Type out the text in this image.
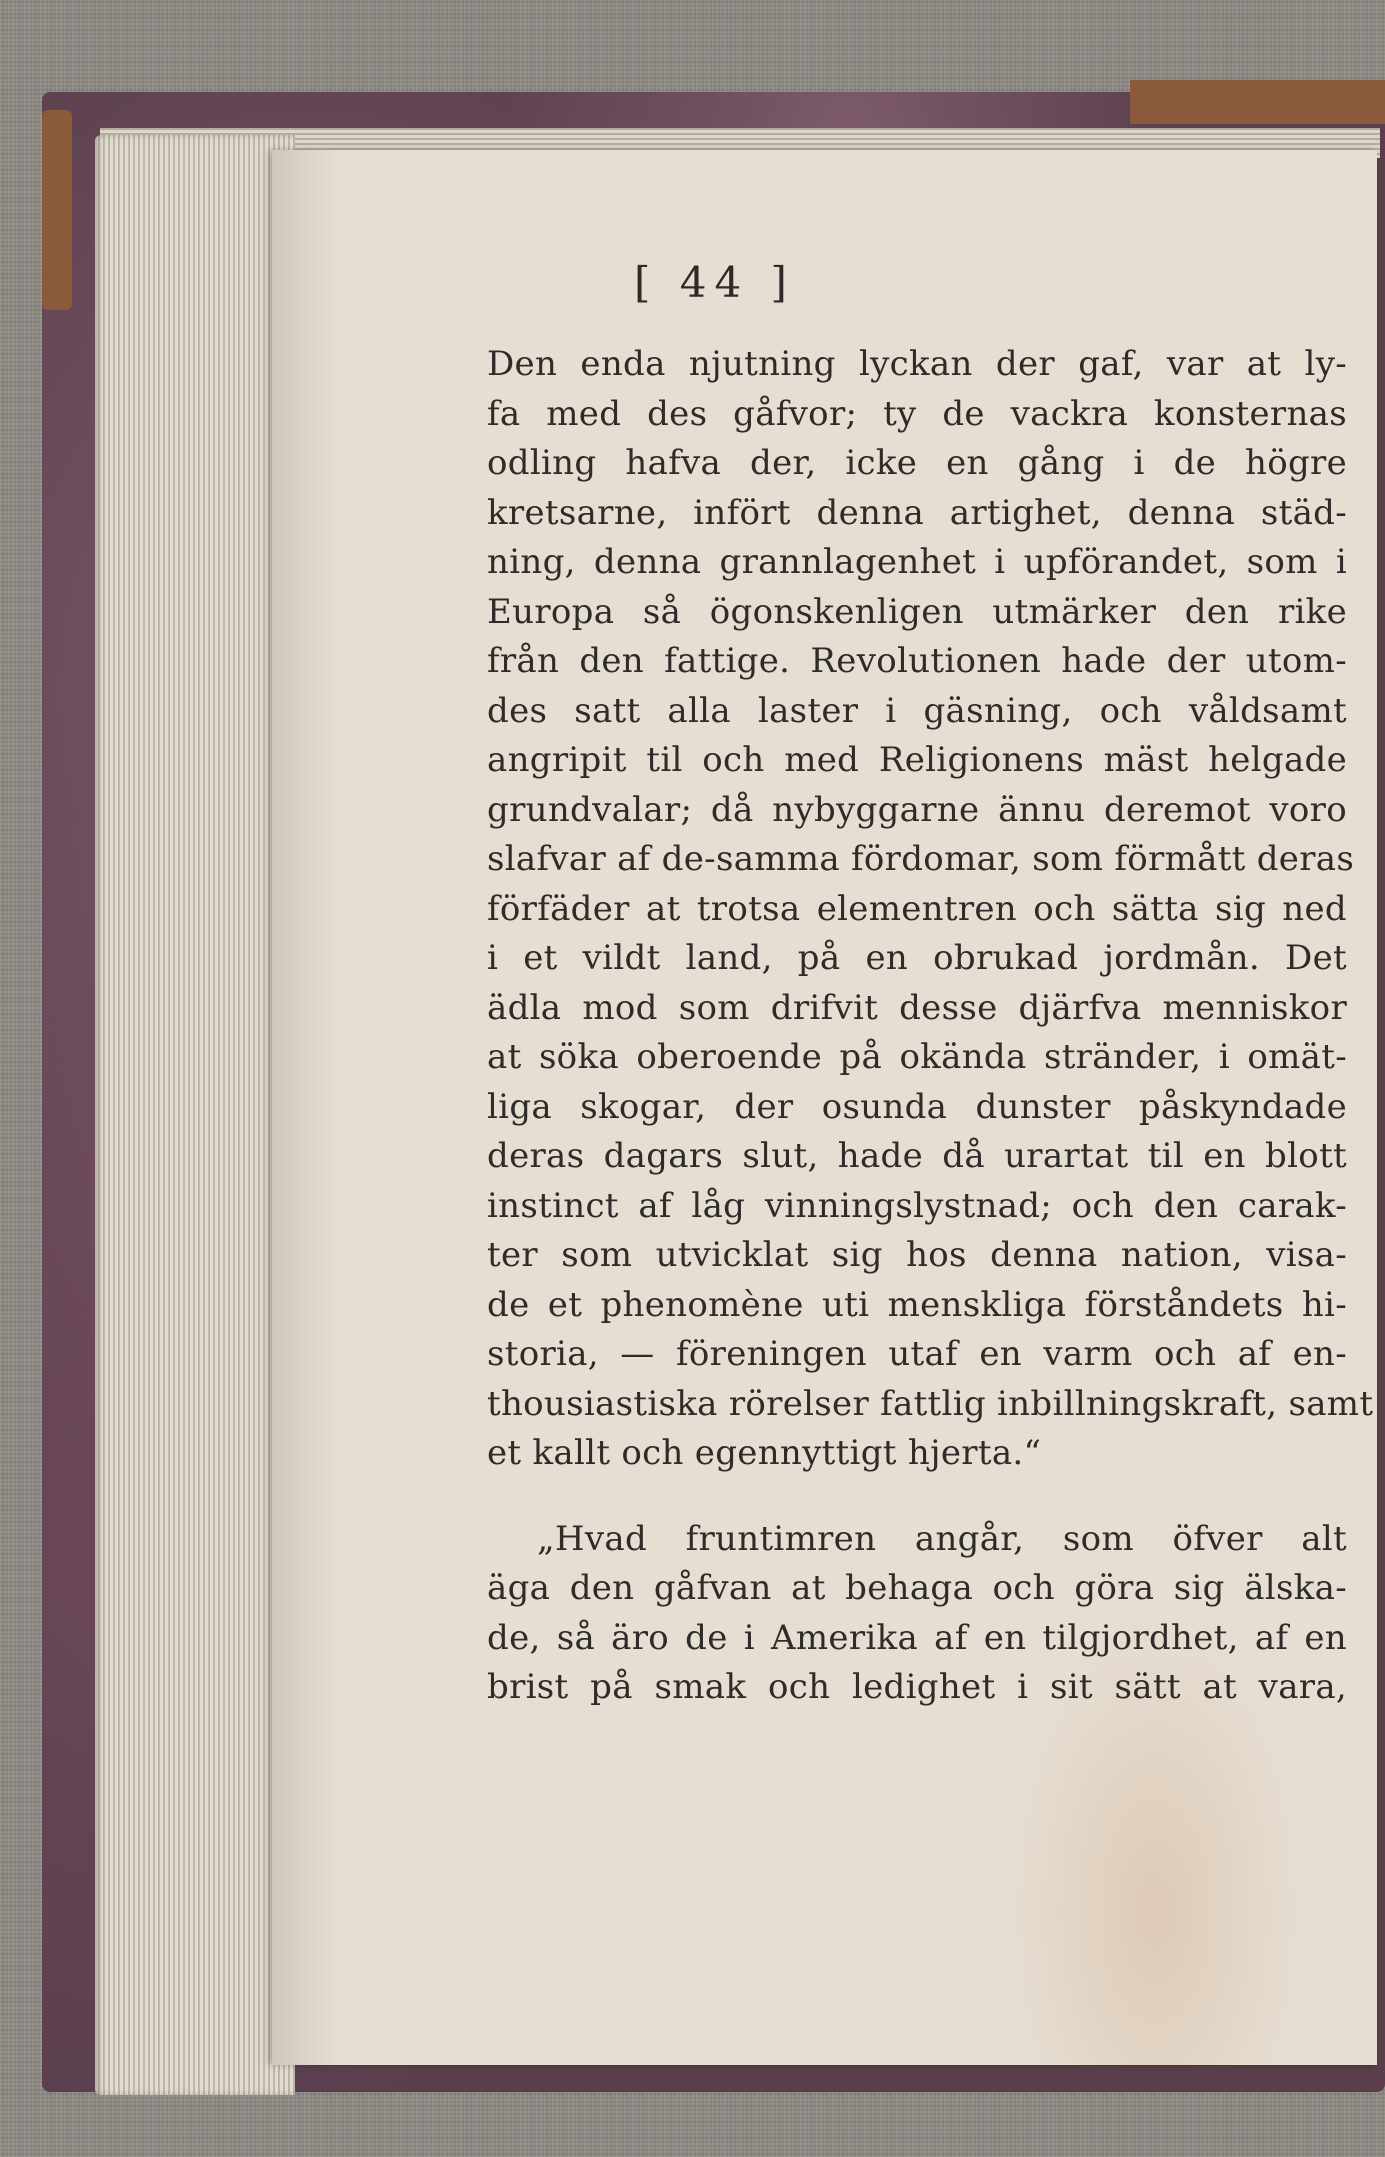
[ 44 ]
Den enda njutning lyckan der gaf, var at ly-
fa med des gåfvor; ty de vackra konsternas
odling hafva der, icke en gång i de högre
kretsarne, infört denna artighet, denna städ-
ning, denna grannlagenhet i upförandet, som i
Europa så ögonskenligen utmärker den rike
från den fattige. Revolutionen hade der utom-
des satt alla laster i gäsning, och våldsamt
angripit til och med Religionens mäst helgade
grundvalar; då nybyggarne ännu deremot voro
slafvar af de-samma fördomar, som förmått deras
förfäder at trotsa elementren och sätta sig ned
i et vildt land, på en obrukad jordmån. Det
ädla mod som drifvit desse djärfva menniskor
at söka oberoende på okända stränder, i omät-
liga skogar, der osunda dunster påskyndade
deras dagars slut, hade då urartat til en blott
instinct af låg vinningslystnad; och den carak-
ter som utvicklat sig hos denna nation, visa-
de et phenomène uti menskliga förståndets hi-
storia, — föreningen utaf en varm och af en-
thousiastiska rörelser fattlig inbillningskraft, samt
et kallt och egennyttigt hjerta.“
„Hvad fruntimren angår, som öfver alt
äga den gåfvan at behaga och göra sig älska-
de, så äro de i Amerika af en tilgjordhet, af en
brist på smak och ledighet i sit sätt at vara,
